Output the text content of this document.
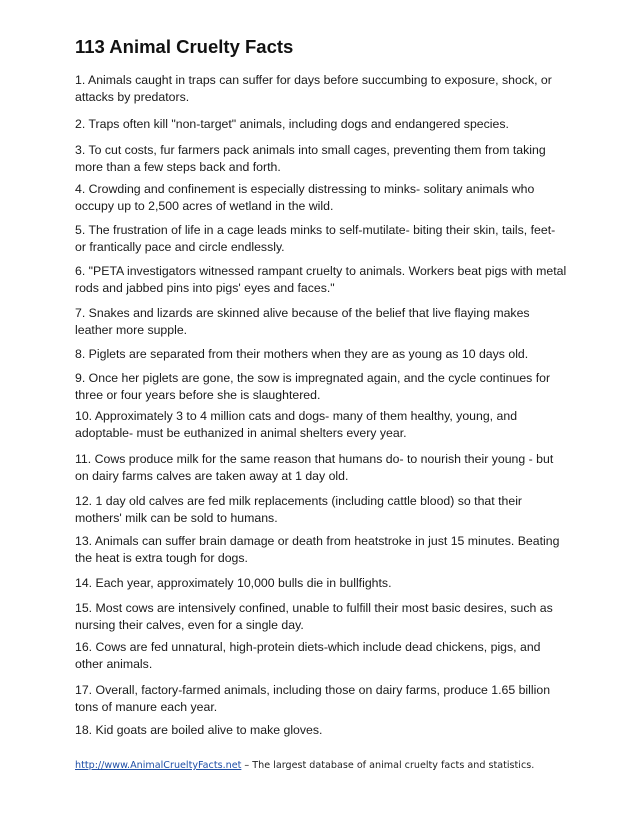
113 Animal Cruelty Facts

1. Animals caught in traps can suffer for days before succumbing to exposure, shock, or attacks by predators.

2. Traps often kill "non-target" animals, including dogs and endangered species.

3. To cut costs, fur farmers pack animals into small cages, preventing them from taking more than a few steps back and forth.

4. Crowding and confinement is especially distressing to minks- solitary animals who occupy up to 2,500 acres of wetland in the wild.

5. The frustration of life in a cage leads minks to self-mutilate- biting their skin, tails, feet- or frantically pace and circle endlessly.

6. "PETA investigators witnessed rampant cruelty to animals. Workers beat pigs with metal rods and jabbed pins into pigs' eyes and faces."

7. Snakes and lizards are skinned alive because of the belief that live flaying makes leather more supple.

8. Piglets are separated from their mothers when they are as young as 10 days old.

9. Once her piglets are gone, the sow is impregnated again, and the cycle continues for three or four years before she is slaughtered.

10. Approximately 3 to 4 million cats and dogs- many of them healthy, young, and adoptable- must be euthanized in animal shelters every year.

11. Cows produce milk for the same reason that humans do- to nourish their young - but on dairy farms calves are taken away at 1 day old.

12. 1 day old calves are fed milk replacements (including cattle blood) so that their mothers' milk can be sold to humans.

13. Animals can suffer brain damage or death from heatstroke in just 15 minutes. Beating the heat is extra tough for dogs.

14. Each year, approximately 10,000 bulls die in bullfights.

15. Most cows are intensively confined, unable to fulfill their most basic desires, such as nursing their calves, even for a single day.

16. Cows are fed unnatural, high-protein diets-which include dead chickens, pigs, and other animals.

17. Overall, factory-farmed animals, including those on dairy farms, produce 1.65 billion tons of manure each year.

18. Kid goats are boiled alive to make gloves.

http://www.AnimalCrueltyFacts.net – The largest database of animal cruelty facts and statistics.
